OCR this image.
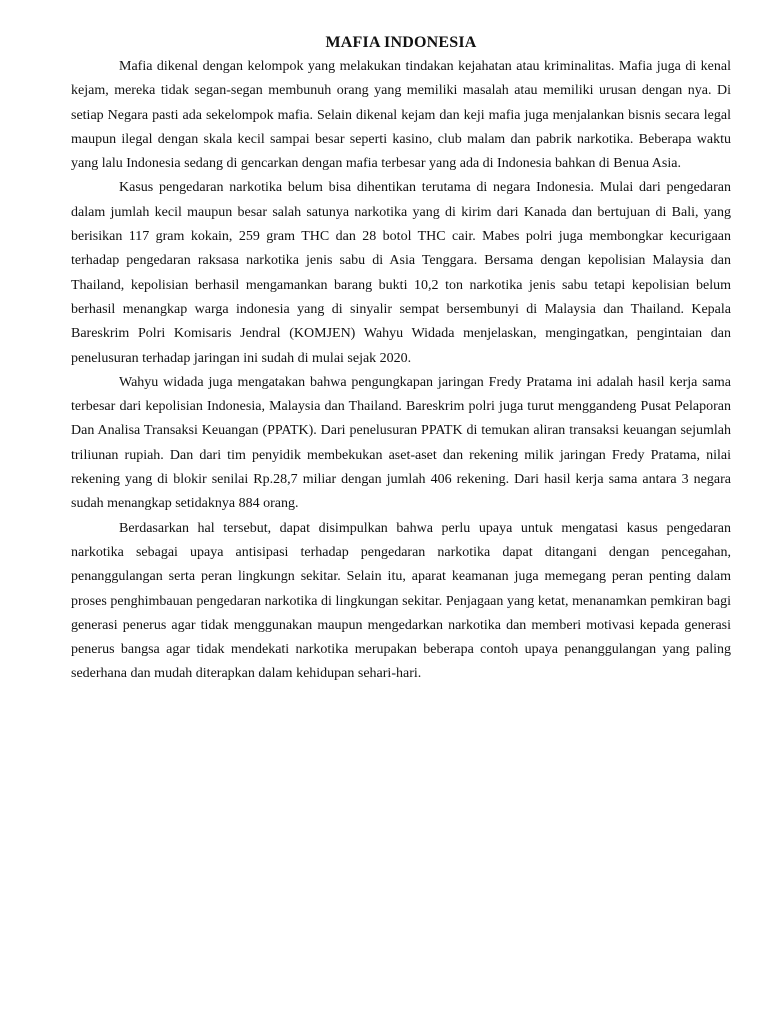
MAFIA INDONESIA

Mafia dikenal dengan kelompok yang melakukan tindakan kejahatan atau kriminalitas. Mafia juga di kenal kejam, mereka tidak segan-segan membunuh orang yang memiliki masalah atau memiliki urusan dengan nya. Di setiap Negara pasti ada sekelompok mafia. Selain dikenal kejam dan keji mafia juga menjalankan bisnis secara legal maupun ilegal dengan skala kecil sampai besar seperti kasino, club malam dan pabrik narkotika. Beberapa waktu yang lalu Indonesia sedang di gencarkan dengan mafia terbesar yang ada di Indonesia bahkan di Benua Asia.

Kasus pengedaran narkotika belum bisa dihentikan terutama di negara Indonesia. Mulai dari pengedaran dalam jumlah kecil maupun besar salah satunya narkotika yang di kirim dari Kanada dan bertujuan di Bali, yang berisikan 117 gram kokain, 259 gram THC dan 28 botol THC cair. Mabes polri juga membongkar kecurigaan terhadap pengedaran raksasa narkotika jenis sabu di Asia Tenggara. Bersama dengan kepolisian Malaysia dan Thailand, kepolisian berhasil mengamankan barang bukti 10,2 ton narkotika jenis sabu tetapi kepolisian belum berhasil menangkap warga indonesia yang di sinyalir sempat bersembunyi di Malaysia dan Thailand. Kepala Bareskrim Polri Komisaris Jendral (KOMJEN) Wahyu Widada menjelaskan, mengingatkan, pengintaian dan penelusuran terhadap jaringan ini sudah di mulai sejak 2020.

Wahyu widada juga mengatakan bahwa pengungkapan jaringan Fredy Pratama ini adalah hasil kerja sama terbesar dari kepolisian Indonesia, Malaysia dan Thailand. Bareskrim polri juga turut menggandeng Pusat Pelaporan Dan Analisa Transaksi Keuangan (PPATK). Dari penelusuran PPATK di temukan aliran transaksi keuangan sejumlah triliunan rupiah. Dan dari tim penyidik membekukan aset-aset dan rekening milik jaringan Fredy Pratama, nilai rekening yang di blokir senilai Rp.28,7 miliar dengan jumlah 406 rekening. Dari hasil kerja sama antara 3 negara sudah menangkap setidaknya 884 orang.

Berdasarkan hal tersebut, dapat disimpulkan bahwa perlu upaya untuk mengatasi kasus pengedaran narkotika sebagai upaya antisipasi terhadap pengedaran narkotika dapat ditangani dengan pencegahan, penanggulangan serta peran lingkungn sekitar. Selain itu, aparat keamanan juga memegang peran penting dalam proses penghimbauan pengedaran narkotika di lingkungan sekitar. Penjagaan yang ketat, menanamkan pemkiran bagi generasi penerus agar tidak menggunakan maupun mengedarkan narkotika dan memberi motivasi kepada generasi penerus bangsa agar tidak mendekati narkotika merupakan beberapa contoh upaya penanggulangan yang paling sederhana dan mudah diterapkan dalam kehidupan sehari-hari.
